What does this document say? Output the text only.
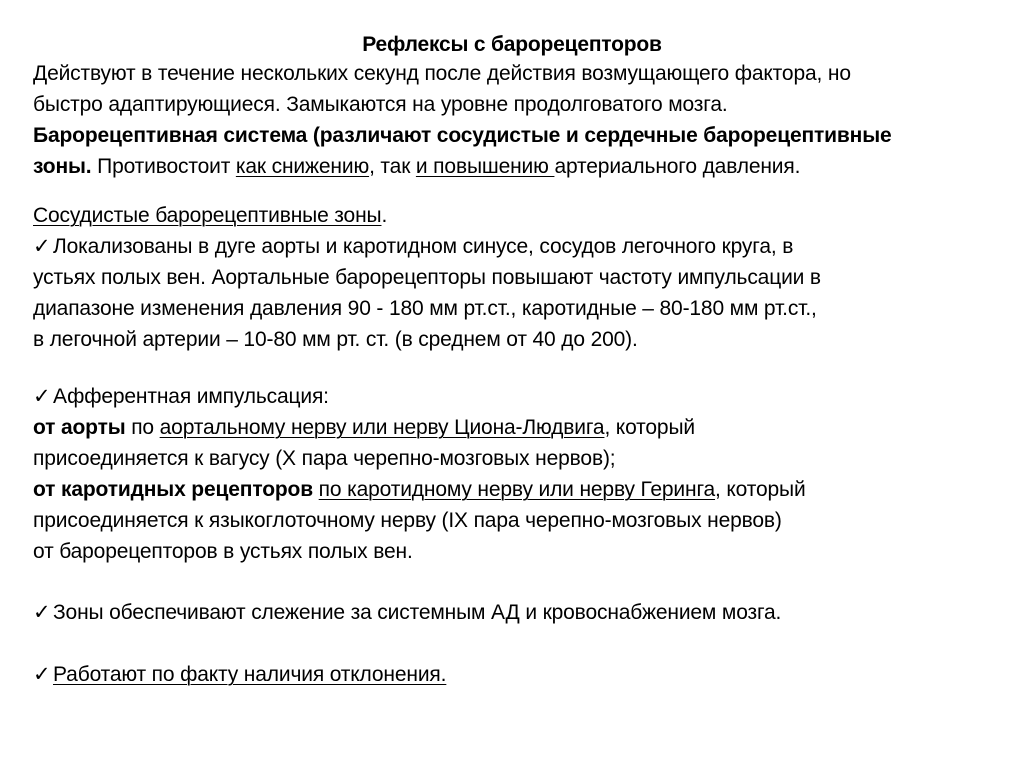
Рефлексы с барорецепторов
Действуют в течение нескольких секунд после действия возмущающего фактора, но
быстро адаптирующиеся. Замыкаются на уровне продолговатого мозга.
Барорецептивная система (различают сосудистые и сердечные барорецептивные
зоны. Противостоит как снижению, так и повышению артериального давления.
Сосудистые барорецептивные зоны.
✓ Локализованы в дуге аорты и каротидном синусе, сосудов легочного круга, в
устьях полых вен. Аортальные барорецепторы повышают частоту импульсации в
диапазоне изменения давления 90 - 180 мм рт.ст., каротидные – 80-180 мм рт.ст.,
в легочной артерии – 10-80 мм рт. ст. (в среднем от 40 до 200).
✓ Афферентная импульсация:
от аорты по аортальному нерву или нерву Циона-Людвига, который
присоединяется к вагусу (X пара черепно-мозговых нервов);
от каротидных рецепторов по каротидному нерву или нерву Геринга, который
присоединяется к языкоглоточному нерву (IX пара черепно-мозговых нервов)
от барорецепторов в устьях полых вен.
✓ Зоны обеспечивают слежение за системным АД и кровоснабжением мозга.
✓ Работают по факту наличия отклонения.
